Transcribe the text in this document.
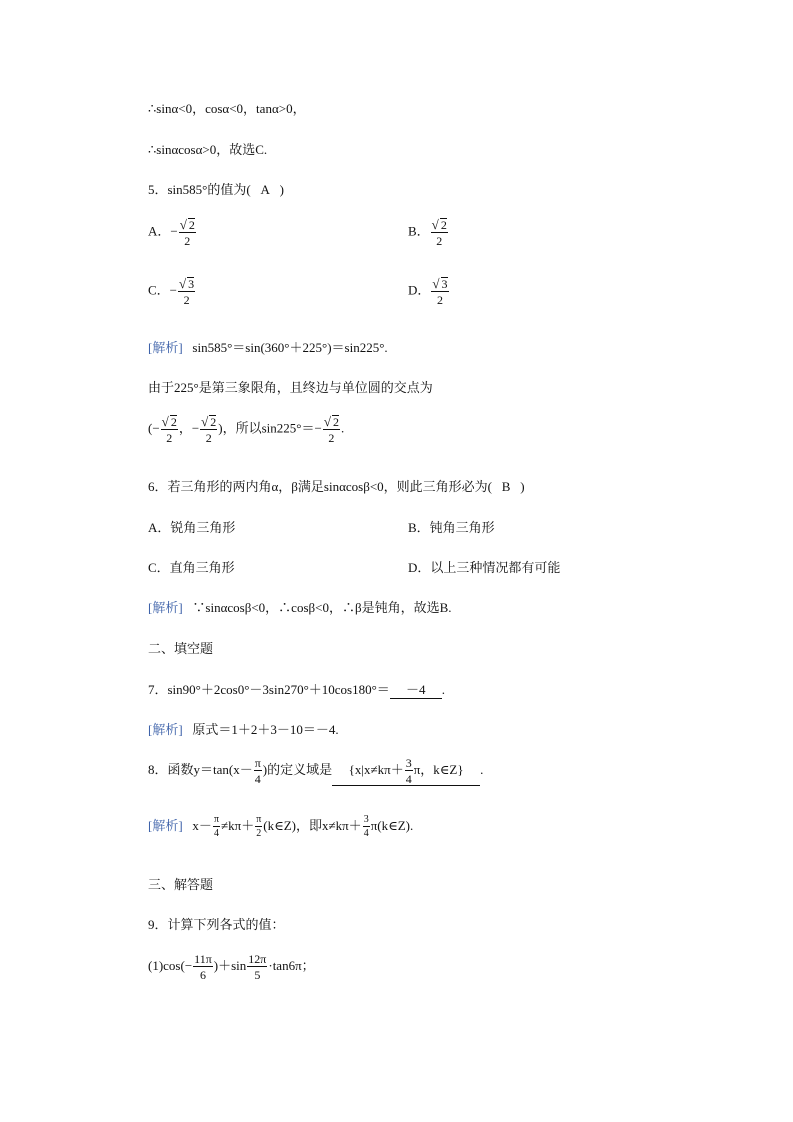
∴sinα<0，cosα<0，tanα>0，
∴sinαcosα>0，故选C.
5．sin585°的值为( A )
A．− $\frac{√ 2}{2}$	B． $\frac{√ 2}{2}$
C．− $\frac{√ 3}{2}$	D． $\frac{√ 3}{2}$
[解析] sin585°＝sin(360°＋225°)＝sin225°.
由于225°是第三象限角，且终边与单位圆的交点为
(− $\frac{√ 2}{2}$ ，− $\frac{√ 2}{2}$ )，所以$\sin 225^\circ=- \frac{√ 2}{2}$ .
6．若三角形的两内角α，β满足sinαcosβ<0，则此三角形必为( B )
A．锐角三角形	B．钝角三角形
C．直角三角形	D．以上三种情况都有可能
[解析] ∵sinαcosβ<0，∴cosβ<0，∴β是钝角，故选B.
二、填空题
7．sin90°＋2cos0°－3sin270°＋10cos180°＝ －4 .
[解析] 原式＝1＋2＋3－10＝－4.
8．函数$y=\tan(x- \frac{\pi}{4}$ )的定义域是 {$x|x\ne k\pi+ \frac{3}{4}$ π，k∈Z} .
[解析] $x- \frac{\pi}{4} \ne k\pi+ \frac{\pi}{2}$ (k∈Z)，即$x\ne k\pi+ \frac{3}{4}$ π(k∈Z).
三、解答题
9．计算下列各式的值：
$(1)\cos(- \frac{11\pi}{6} )+\sin \frac{12\pi}{5} \cdot\tan 6\pi$；
